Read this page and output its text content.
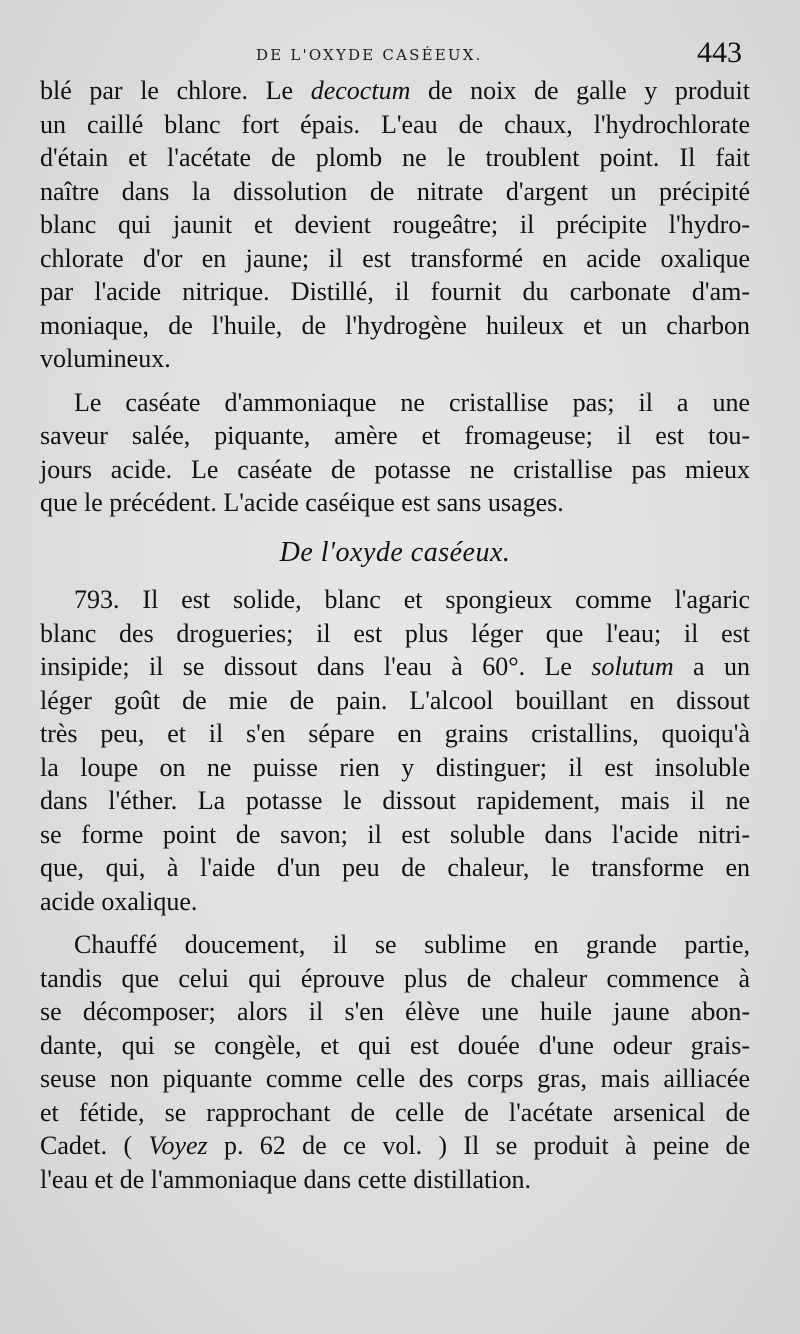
DE L'OXYDE CASÉEUX.	443

blé par le chlore. Le decoctum de noix de galle y produit
un caillé blanc fort épais. L'eau de chaux, l'hydrochlorate
d'étain et l'acétate de plomb ne le troublent point. Il fait
naître dans la dissolution de nitrate d'argent un précipité
blanc qui jaunit et devient rougeâtre; il précipite l'hydro-
chlorate d'or en jaune; il est transformé en acide oxalique
par l'acide nitrique. Distillé, il fournit du carbonate d'am-
moniaque, de l'huile, de l'hydrogène huileux et un charbon
volumineux.

Le caséate d'ammoniaque ne cristallise pas; il a une
saveur salée, piquante, amère et fromageuse; il est tou-
jours acide. Le caséate de potasse ne cristallise pas mieux
que le précédent. L'acide caséique est sans usages.

De l'oxyde caséeux.

793. Il est solide, blanc et spongieux comme l'agaric
blanc des drogueries; il est plus léger que l'eau; il est
insipide; il se dissout dans l'eau à 60°. Le solutum a un
léger goût de mie de pain. L'alcool bouillant en dissout
très peu, et il s'en sépare en grains cristallins, quoiqu'à
la loupe on ne puisse rien y distinguer; il est insoluble
dans l'éther. La potasse le dissout rapidement, mais il ne
se forme point de savon; il est soluble dans l'acide nitri-
que, qui, à l'aide d'un peu de chaleur, le transforme en
acide oxalique.

Chauffé doucement, il se sublime en grande partie,
tandis que celui qui éprouve plus de chaleur commence à
se décomposer; alors il s'en élève une huile jaune abon-
dante, qui se congèle, et qui est douée d'une odeur grais-
seuse non piquante comme celle des corps gras, mais ailliacée
et fétide, se rapprochant de celle de l'acétate arsenical de
Cadet. ( Voyez p. 62 de ce vol. ) Il se produit à peine de
l'eau et de l'ammoniaque dans cette distillation.
